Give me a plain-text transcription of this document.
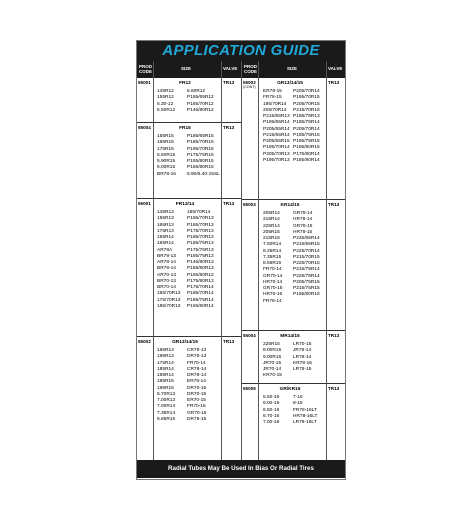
APPLICATION GUIDE
PROD CODE
SIZE	VALVE PROD CODE
SIZE	VALVE
55001	TR13
FR12
145R12	5.60R12
155R12	P165/65R12
5.30-12	P165/70R12
5.50R12	P145/80R12
55004	TR13
FR15
155R15	P185/65R15
165R15	P185/70R15
175R15	P195/70R15
5.60R15	P175/75R15
5.90R15	P155/80R15
6.00R15	P165/80R15
BR78-15	5.90/6.40-15SL
55001	TR13
FR13/14
145R13	185/70R14
155R13	P155/70R13
165R13	P165/70R13
175R13	P175/70R13
155R14	P185/70R13
165R14	P165/75R13
AR78A	P175/75R13
BR78-13	P185/75R13
AR78-14	P145/80R13
BR78-14	P155/80R13
AR70-13	P165/80R13
BR70-13	P175/80R13
BR70-14	P175/70R14
165/70R13	P185/70R14
175/70R13	P185/75R14
185/70R13	P165/80R14
55002	TR13
GR13/14/15
185R13	CR78-13
195R13	DR78-13
175R14	FR70-14
185R14	CR78-14
195R14	DR78-14
185R15	ER78-14
195R15	DR70-15
6.70R13	DR70-15
7.00R13	ER70-15
7.00R14	FR70-15
7.35R14	GR70-15
6.85R15	DR78-15
55002
(CONT)
TR13
GR13/14/15
ER78-15	P205/70R14
FR78-15	P195/70R15
195/70R14	P205/70R15
205/70R14	P215/70R15
P215/65R13 P185/75R13
P195/65R14 P185/75R14
P205/65R14 P205/70R14
P215/65R14 P185/75R15
P205/65R15 P195/75R15
P195/70R14 P195/80R15
P205/70R13 P175/80R14
P195/70R13 P185/80R14
55003	TR13
KR14/15
205R14	GR78-14
215R14	HR78-14
225R14	GR78-15
205R15	HR78-15
215R15	P225/65R14
7.50R14	P215/65R15
8.25R14	P225/70R14
7.35R15	P215/70R15
8.55R15	P225/70R15
FR70-14	P215/75R14
GR70-14	P225/75R14
HR70-14	P205/75R15
GR70-15	P215/75R15
HR70-15	P165/80R15
FR78-14
55004	TR13
MR14/15
225R15	LR70-15
8.00R15	JR78-14
9.00R15	LR78-14
JR70-15	KR78-15
JR70-14	LR78-15
KR70-15
55005	TR13
GR/KR16
5.50-16	7-16
6.00-16	8-16
6.50-16	FR78-16LT
6.70-16	HR78-16LT
7.00-16	LR78-16LT
Radial Tubes May Be Used In Bias Or Radial Tires
